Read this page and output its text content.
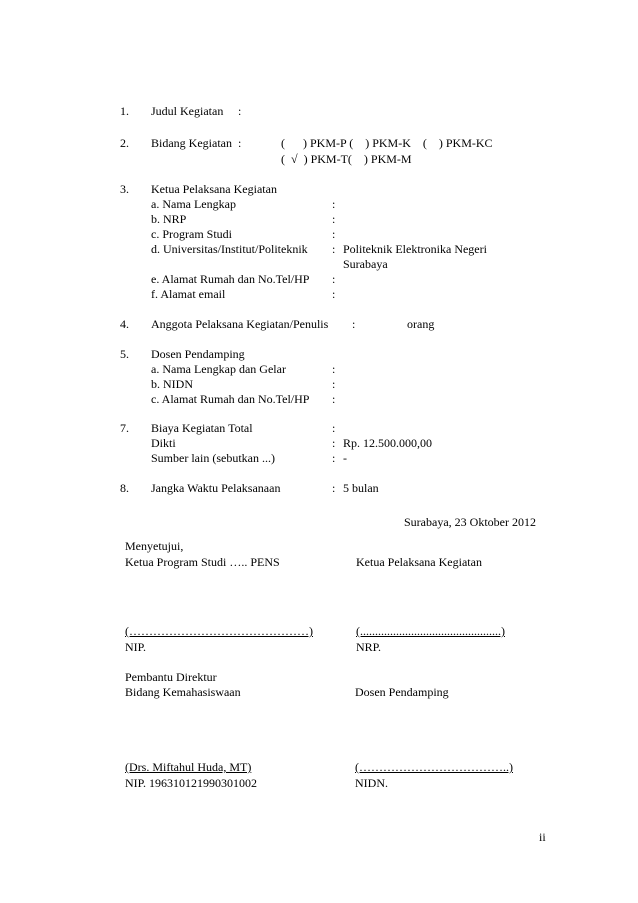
1. Judul Kegiatan :
2. Bidang Kegiatan :	(      ) PKM-P (    ) PKM-K    (    ) PKM-KC
(  √  ) PKM-T(    ) PKM-M
3. Ketua Pelaksana Kegiatan
a. Nama Lengkap	:
b. NRP	:
c. Program Studi	:
d. Universitas/Institut/Politeknik : Politeknik Elektronika Negeri
Surabaya
e. Alamat Rumah dan No.Tel/HP :
f. Alamat email	:
4. Anggota Pelaksana Kegiatan/Penulis :	orang
5. Dosen Pendamping
a. Nama Lengkap dan Gelar	:
b. NIDN	:
c. Alamat Rumah dan No.Tel/HP :
7. Biaya Kegiatan Total	:
Dikti	: Rp. 12.500.000,00
Sumber lain (sebutkan ...)	: -
8. Jangka Waktu Pelaksanaan	: 5 bulan
Surabaya, 23 Oktober 2012
Menyetujui,
Ketua Program Studi ….. PENS	Ketua Pelaksana Kegiatan
(………………………………………)	(...............................................)
NIP.	NRP.
Pembantu Direktur
Bidang Kemahasiswaan	Dosen Pendamping
(Drs. Miftahul Huda, MT)	(………………………………..)
NIP. 196310121990301002	NIDN.
ii
